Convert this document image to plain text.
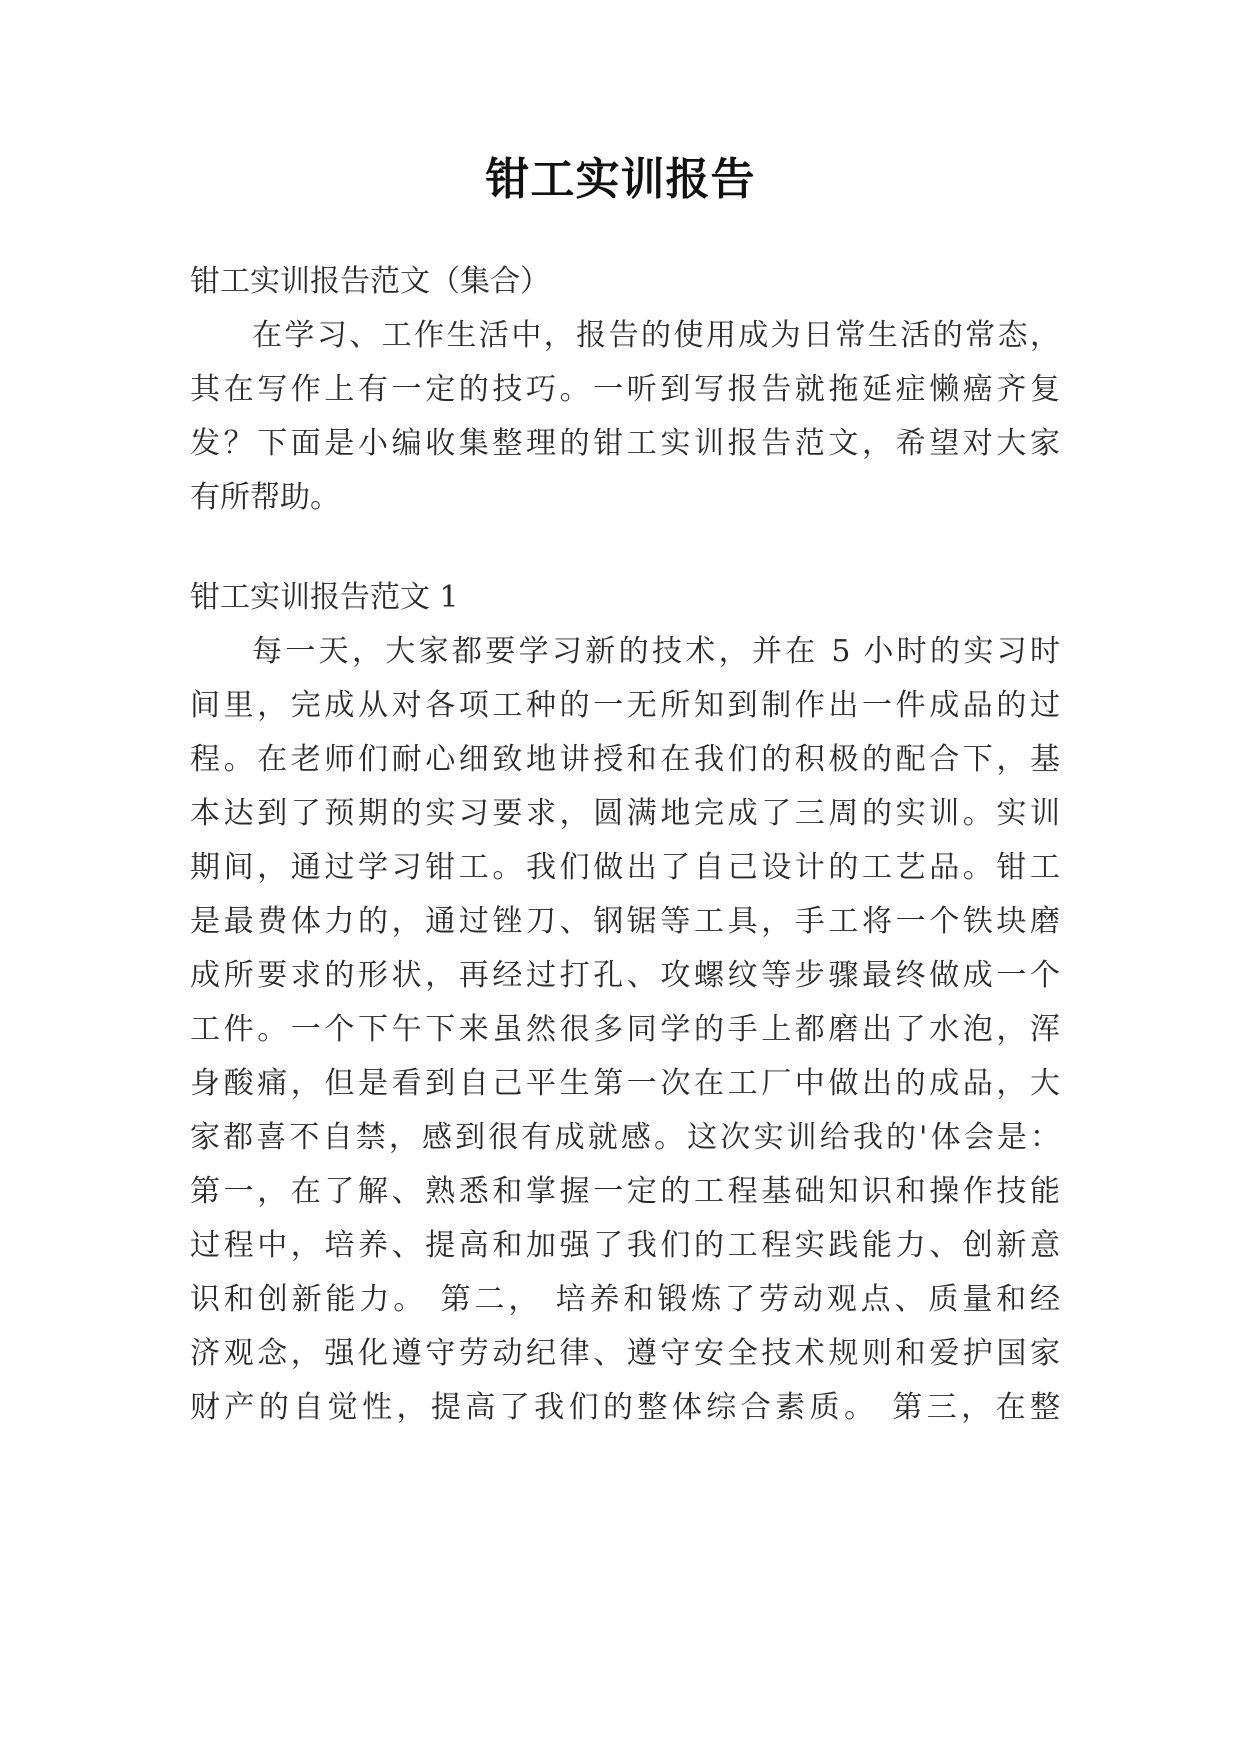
钳工实训报告
钳工实训报告范文（集合）
在学习、工作生活中，报告的使用成为日常生活的常态，
其在写作上有一定的技巧。一听到写报告就拖延症懒癌齐复
发？下面是小编收集整理的钳工实训报告范文，希望对大家
有所帮助。
钳工实训报告范文 1
每一天，大家都要学习新的技术，并在 5 小时的实习时
间里，完成从对各项工种的一无所知到制作出一件成品的过
程。在老师们耐心细致地讲授和在我们的积极的配合下，基
本达到了预期的实习要求，圆满地完成了三周的实训。实训
期间，通过学习钳工。我们做出了自己设计的工艺品。钳工
是最费体力的，通过锉刀、钢锯等工具，手工将一个铁块磨
成所要求的形状，再经过打孔、攻螺纹等步骤最终做成一个
工件。一个下午下来虽然很多同学的手上都磨出了水泡，浑
身酸痛，但是看到自己平生第一次在工厂中做出的成品，大
家都喜不自禁，感到很有成就感。这次实训给我的'体会是：
第一，在了解、熟悉和掌握一定的工程基础知识和操作技能
过程中，培养、提高和加强了我们的工程实践能力、创新意
识和创新能力。 第二， 培养和锻炼了劳动观点、质量和经
济观念，强化遵守劳动纪律、遵守安全技术规则和爱护国家
财产的自觉性，提高了我们的整体综合素质。 第三，在整
